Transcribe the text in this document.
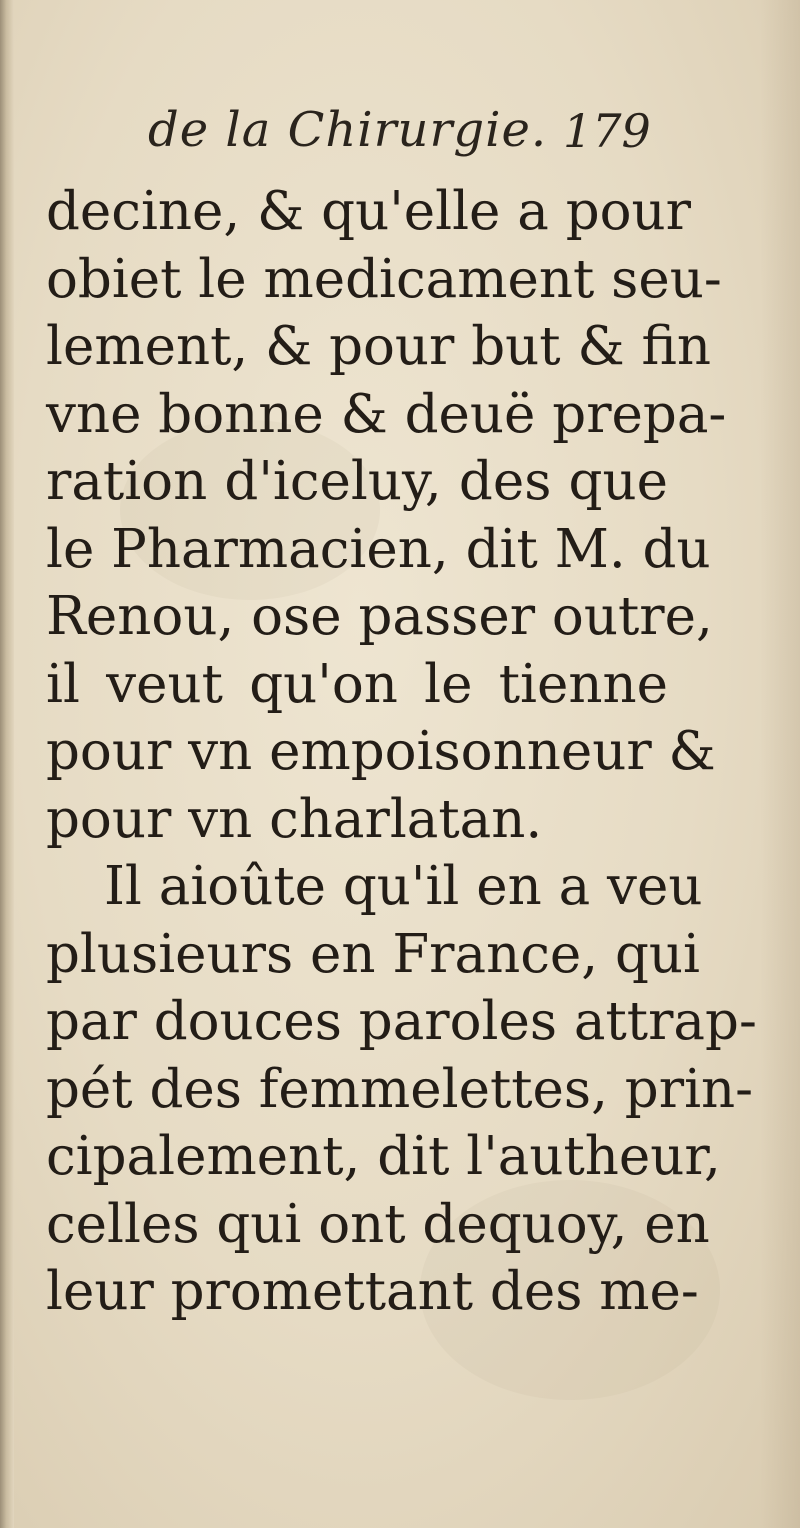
de la Chirurgie. 179
decine, & qu'elle a pour
obiet le medicament seu-
lement, & pour but & fin
vne bonne & deuë prepa-
ration d'iceluy, des que
le Pharmacien, dit M. du
Renou, ose passer outre,
il veut qu'on le tienne
pour vn empoisonneur &
pour vn charlatan.
Il aioûte qu'il en a veu
plusieurs en France, qui
par douces paroles attrap-
pét des femmelettes, prin-
cipalement, dit l'autheur,
celles qui ont dequoy, en
leur promettant des me-
